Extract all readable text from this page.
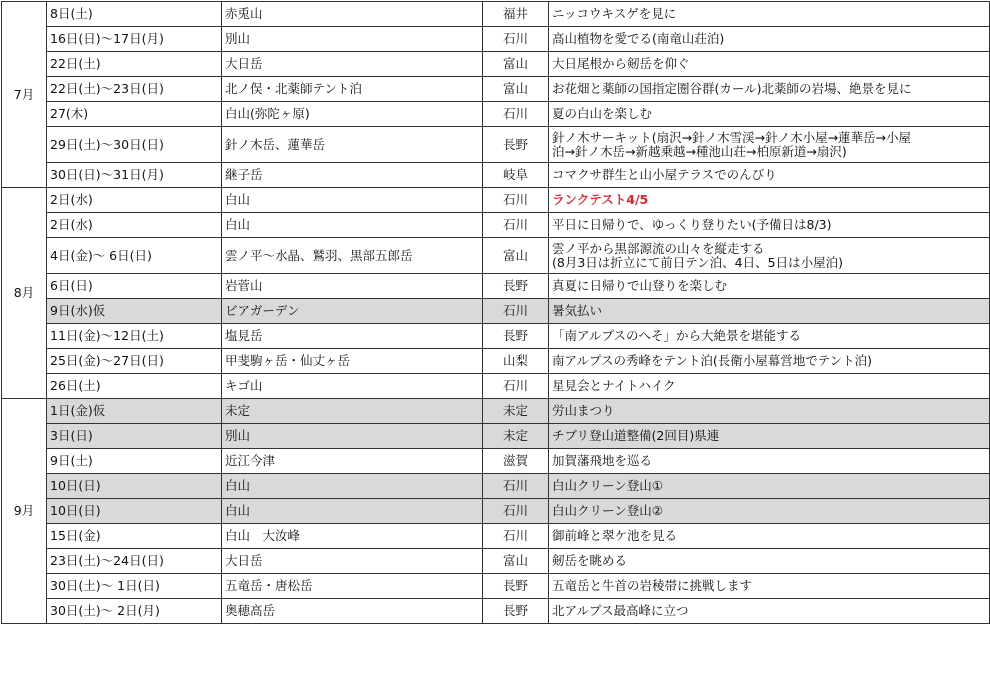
7月	8日(土)	赤兎山	福井	ニッコウキスゲを見に

	16日(日)〜17日(月)	別山	石川	高山植物を愛でる(南竜山荘泊)

	22日(土)	大日岳	富山	大日尾根から剱岳を仰ぐ

	22日(土)〜23日(日)	北ノ俣・北薬師テント泊	富山	お花畑と薬師の国指定圏谷群(カール)北薬師の岩場、絶景を見に

	27(木)	白山(弥陀ヶ原)	石川	夏の白山を楽しむ

	29日(土)〜30日(日)	針ノ木岳、蓮華岳	長野	針ノ木サーキット(扇沢→針ノ木雪渓→針ノ木小屋→蓮華岳→小屋
泊→針ノ木岳→新越乗越→種池山荘→柏原新道→扇沢)

	30日(日)〜31日(月)	継子岳	岐阜	コマクサ群生と山小屋テラスでのんびり

8月	2日(水)	白山	石川	ランクテスト4/5

	2日(水)	白山	石川	平日に日帰りで、ゆっくり登りたい(予備日は8/3)

	4日(金)〜 6日(日)	雲ノ平〜水晶、鷲羽、黒部五郎岳	富山	雲ノ平から黒部源流の山々を縦走する
(8月3日は折立にて前日テン泊、4日、5日は小屋泊)

	6日(日)	岩菅山	長野	真夏に日帰りで山登りを楽しむ

	9日(水)仮	ビアガーデン	石川	暑気払い

	11日(金)〜12日(土)	塩見岳	長野	「南アルプスのへそ」から大絶景を堪能する

	25日(金)〜27日(日)	甲斐駒ヶ岳・仙丈ヶ岳	山梨	南アルプスの秀峰をテント泊(長衛小屋幕営地でテント泊)

	26日(土)	キゴ山	石川	星見会とナイトハイク

9月	1日(金)仮	未定	未定	労山まつり

	3日(日)	別山	未定	チブリ登山道整備(2回目)県連

	9日(土)	近江今津	滋賀	加賀藩飛地を巡る

	10日(日)	白山	石川	白山クリーン登山①

	10日(日)	白山	石川	白山クリーン登山②

	15日(金)	白山　大汝峰	石川	御前峰と翠ケ池を見る

	23日(土)〜24日(日)	大日岳	富山	剱岳を眺める

	30日(土)〜 1日(日)	五竜岳・唐松岳	長野	五竜岳と牛首の岩稜帯に挑戦します

	30日(土)〜 2日(月)	奥穂高岳	長野	北アルプス最高峰に立つ
